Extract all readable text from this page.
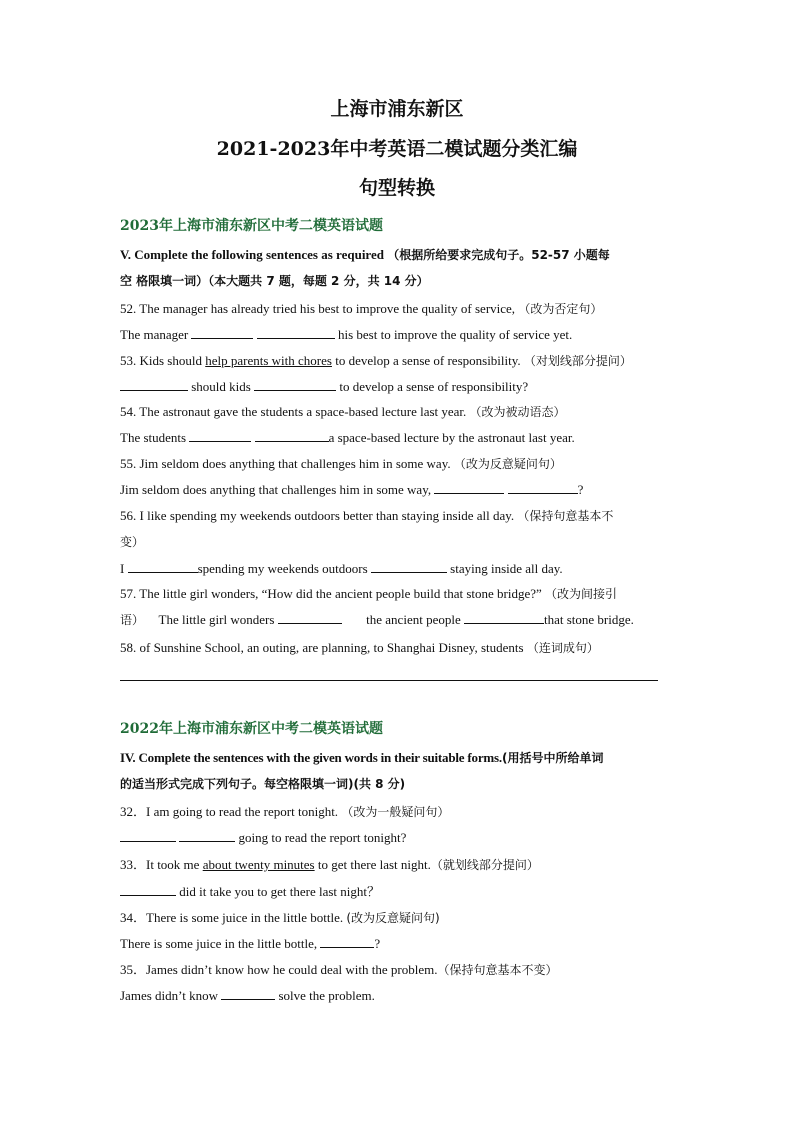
上海市浦东新区
2021-2023年中考英语二模试题分类汇编
句型转换
2023年上海市浦东新区中考二模英语试题
V. Complete the following sentences as required （根据所给要求完成句子。52-57 小题每
空 格限填一词）（本大题共 7 题，每题 2 分，共 14 分）
52. The manager has already tried his best to improve the quality of service, （改为否定句）
The manager	his best to improve the quality of service yet.
53. Kids should help parents with chores to develop a sense of responsibility. （对划线部分提问）
should kids	to develop a sense of responsibility?
54. The astronaut gave the students a space-based lecture last year. （改为被动语态）
The students	a space-based lecture by the astronaut last year.
55. Jim seldom does anything that challenges him in some way. （改为反意疑问句）
Jim seldom does anything that challenges him in some way,	?
56. I like spending my weekends outdoors better than staying inside all day. （保持句意基本不
变）
I	spending my weekends outdoors	staying inside all day.
57. The little girl wonders, “How did the ancient people build that stone bridge?” （改为间接引
语） The little girl wonders	the ancient people	that stone bridge.
58. of Sunshine School, an outing, are planning, to Shanghai Disney, students （连词成句）
2022年上海市浦东新区中考二模英语试题
IV. Complete the sentences with the given words in their suitable forms.(用括号中所给单词
的适当形式完成下列句子。每空格限填一词)(共 8 分)
32．I am going to read the report tonight. （改为一般疑问句）
going to read the report tonight?
33．It took me about twenty minutes to get there last night.（就划线部分提问）
did it take you to get there last night？
34．There is some juice in the little bottle. (改为反意疑问句)
There is some juice in the little bottle,	?
35．James didn’t know how he could deal with the problem.（保持句意基本不变）
James didn’t know	solve the problem.
